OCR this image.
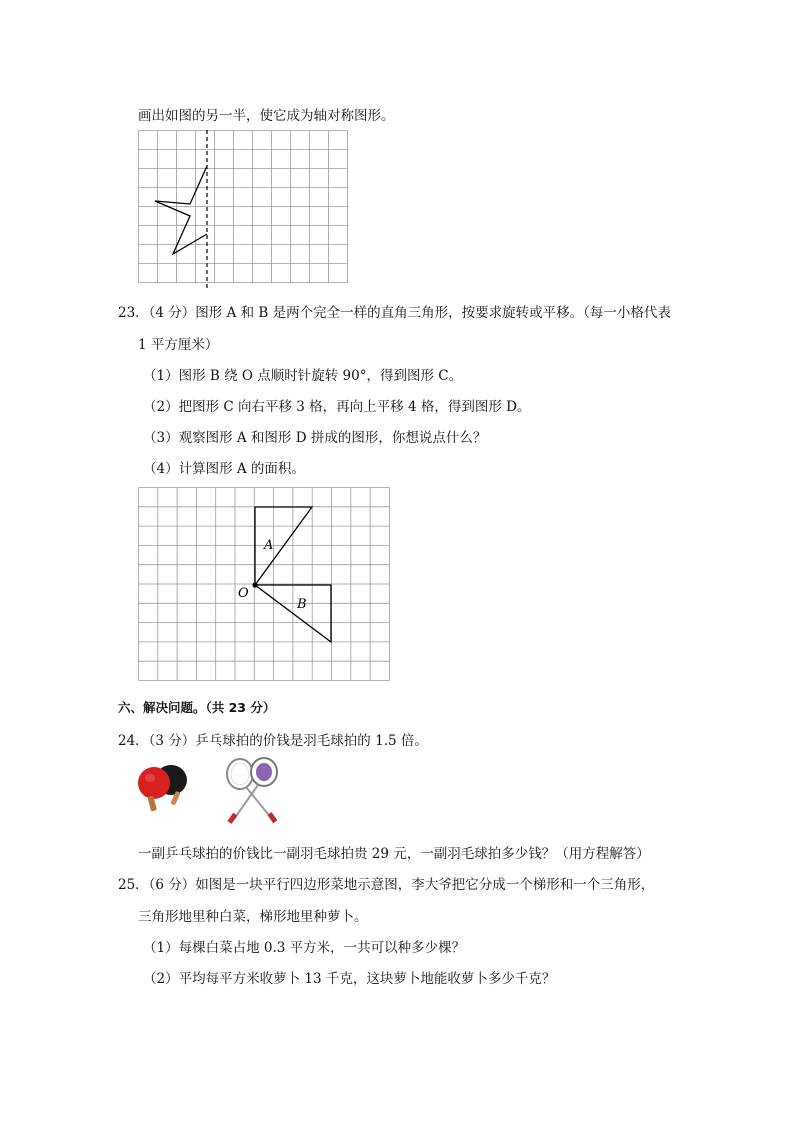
画出如图的另一半，使它成为轴对称图形。
23．（4 分）图形 A 和 B 是两个完全一样的直角三角形，按要求旋转或平移。（每一小格代表
1 平方厘米）
（1）图形 B 绕 O 点顺时针旋转 90°，得到图形 C。
（2）把图形 C 向右平移 3 格，再向上平移 4 格，得到图形 D。
（3）观察图形 A 和图形 D 拼成的图形，你想说点什么？
（4）计算图形 A 的面积。
A
B
O
六、解决问题。（共 23 分）
24．（3 分）乒乓球拍的价钱是羽毛球拍的 1.5 倍。
一副乒乓球拍的价钱比一副羽毛球拍贵 29 元，一副羽毛球拍多少钱？（用方程解答）
25．（6 分）如图是一块平行四边形菜地示意图，李大爷把它分成一个梯形和一个三角形，
三角形地里种白菜，梯形地里种萝卜。
（1）每棵白菜占地 0.3 平方米，一共可以种多少棵？
（2）平均每平方米收萝卜 13 千克，这块萝卜地能收萝卜多少千克？
